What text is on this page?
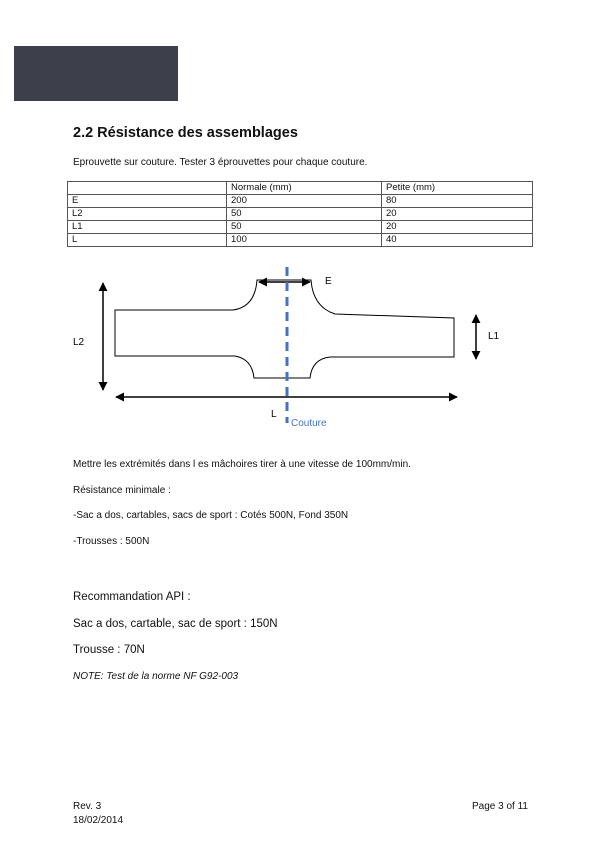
2.2 Résistance des assemblages

Eprouvette sur couture. Tester 3 éprouvettes pour chaque couture.

	Normale (mm)	Petite (mm)
E	200	80
L2	50	20
L1	50	20
L	100	40
E
L2
L1
L
Couture

Mettre les extrémités dans l es mâchoires tirer à une vitesse de 100mm/min.

Résistance minimale :

-Sac a dos, cartables, sacs de sport : Cotés 500N, Fond 350N

-Trousses : 500N

Recommandation API :

Sac a dos, cartable, sac de sport : 150N

Trousse : 70N

NOTE: Test de la norme NF G92-003

Rev. 3
18/02/2014
Page 3 of 11
